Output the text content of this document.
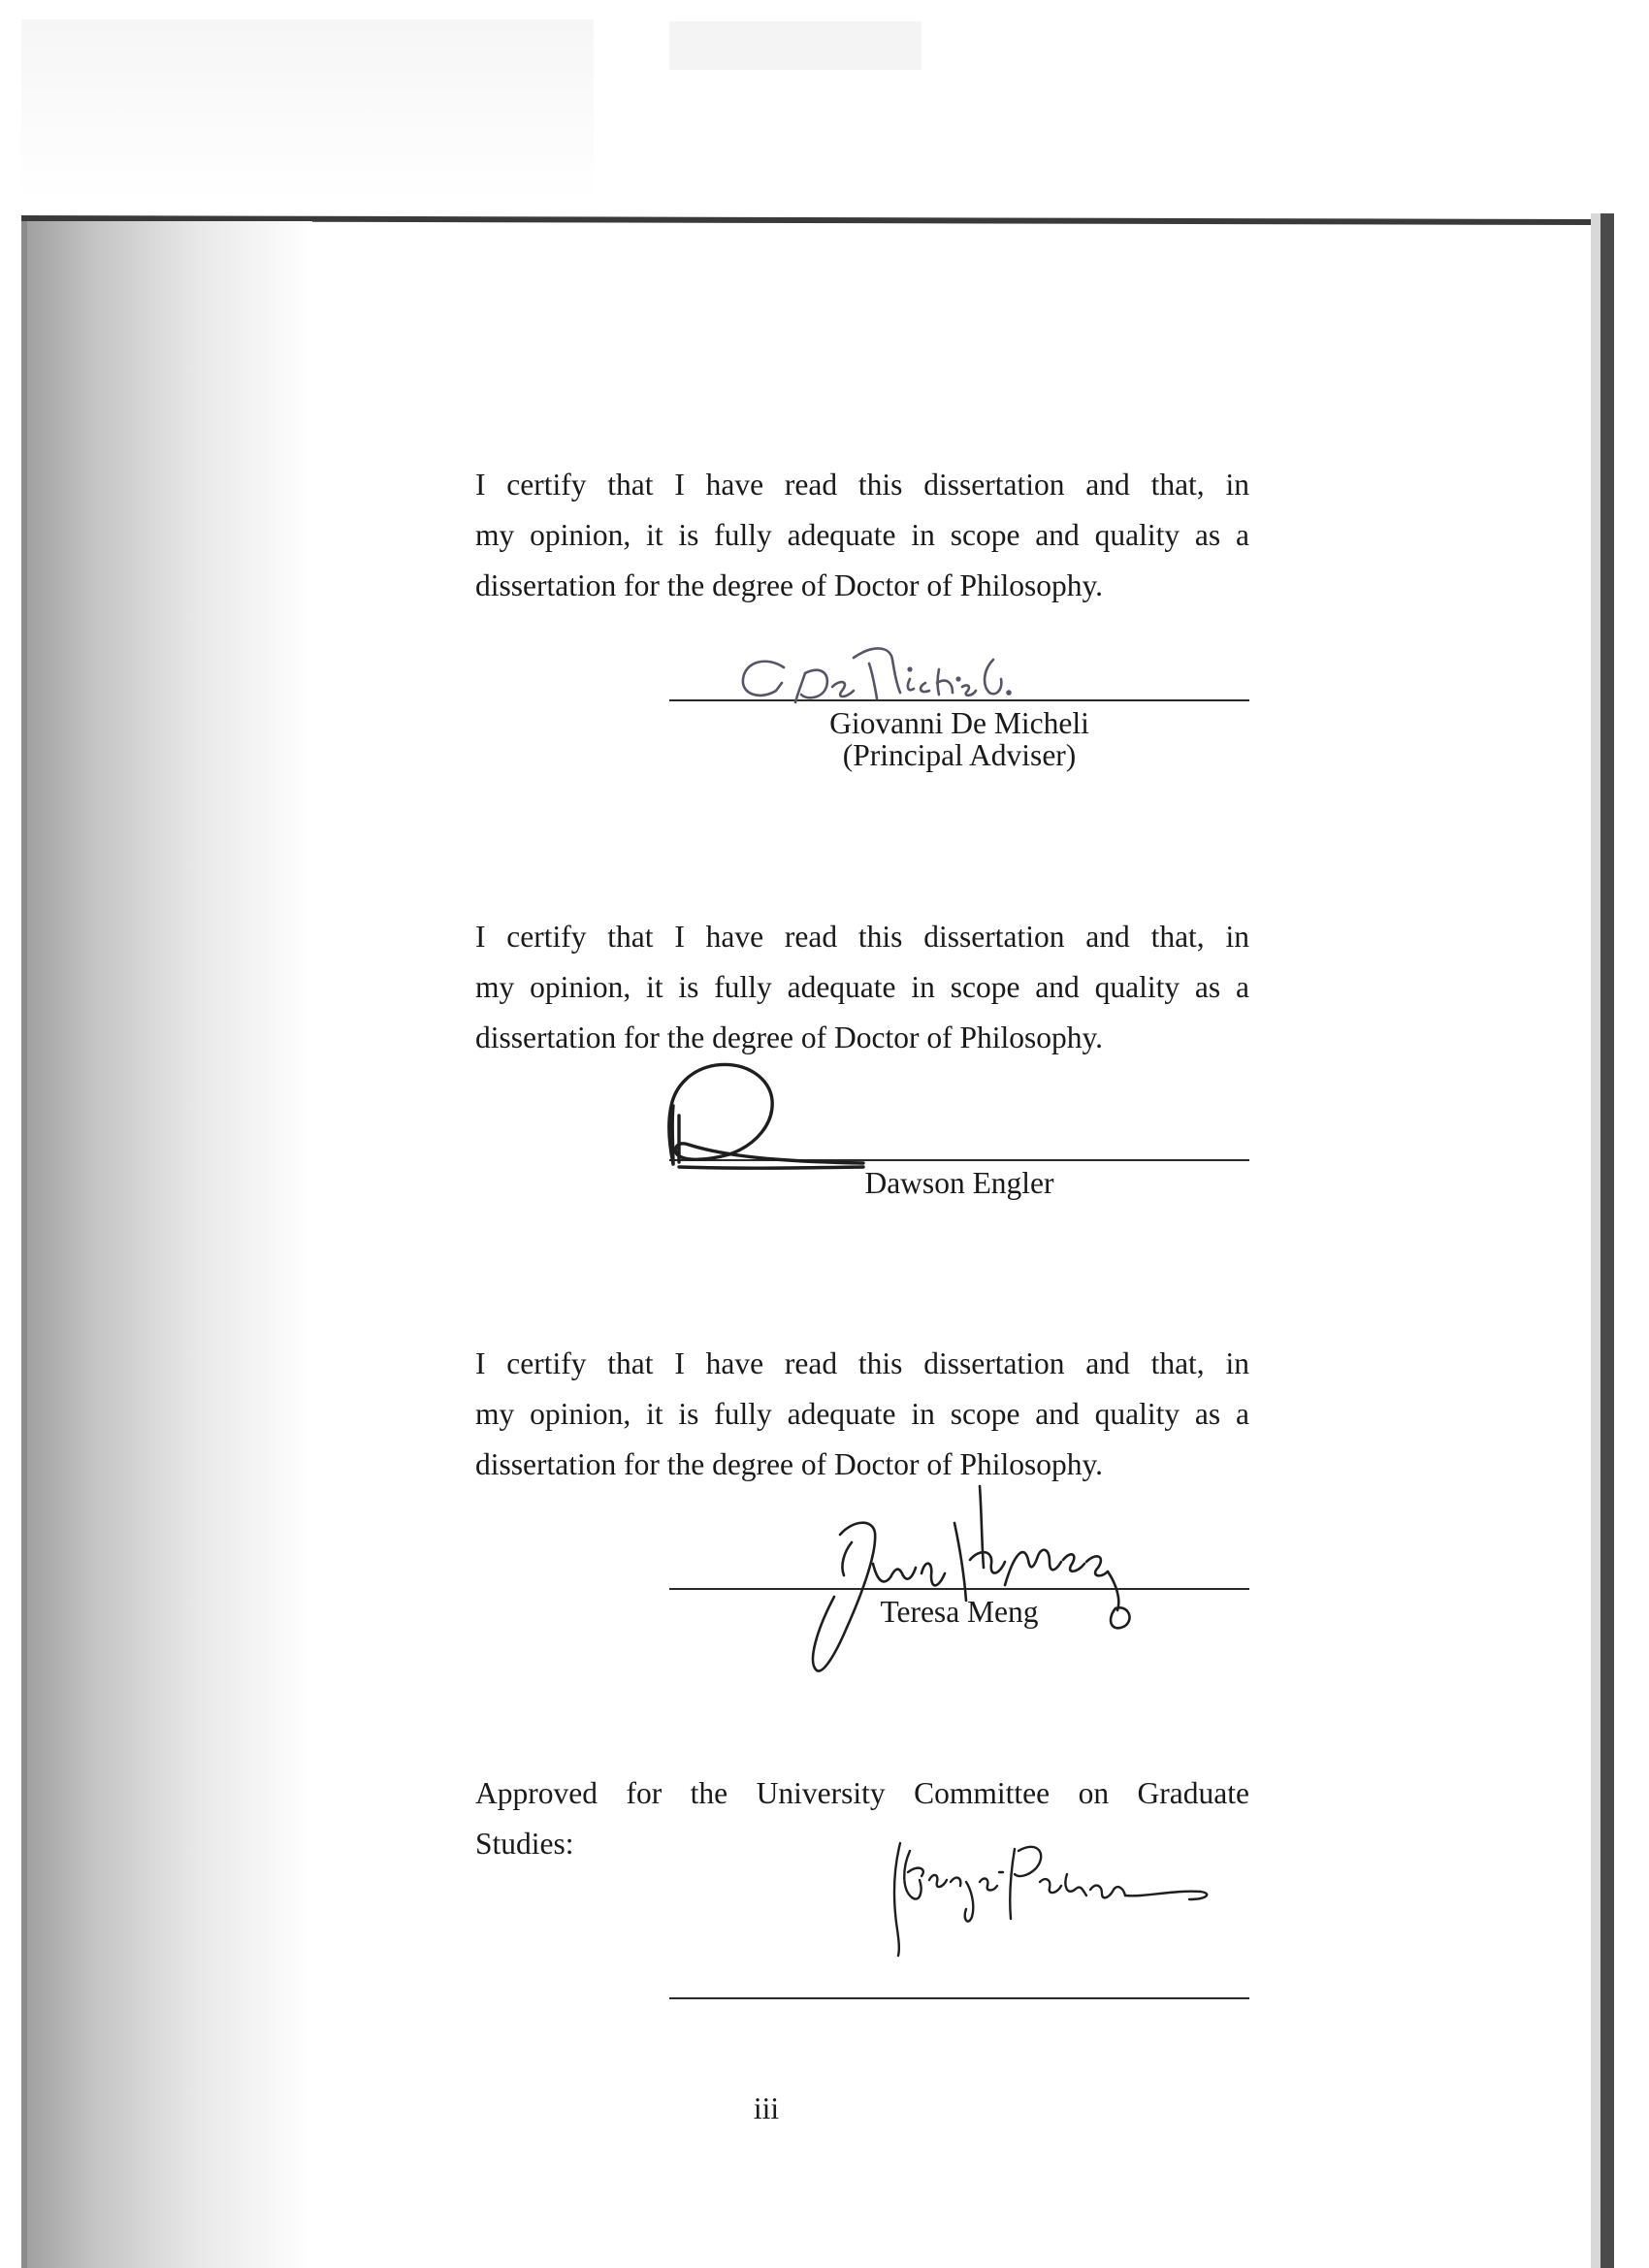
I certify that I have read this dissertation and that, in
my opinion, it is fully adequate in scope and quality as a
dissertation for the degree of Doctor of Philosophy.
Giovanni De Micheli
(Principal Adviser)
I certify that I have read this dissertation and that, in
my opinion, it is fully adequate in scope and quality as a
dissertation for the degree of Doctor of Philosophy.
Dawson Engler
I certify that I have read this dissertation and that, in
my opinion, it is fully adequate in scope and quality as a
dissertation for the degree of Doctor of Philosophy.
Teresa Meng
Approved for the University Committee on Graduate
Studies:
iii
